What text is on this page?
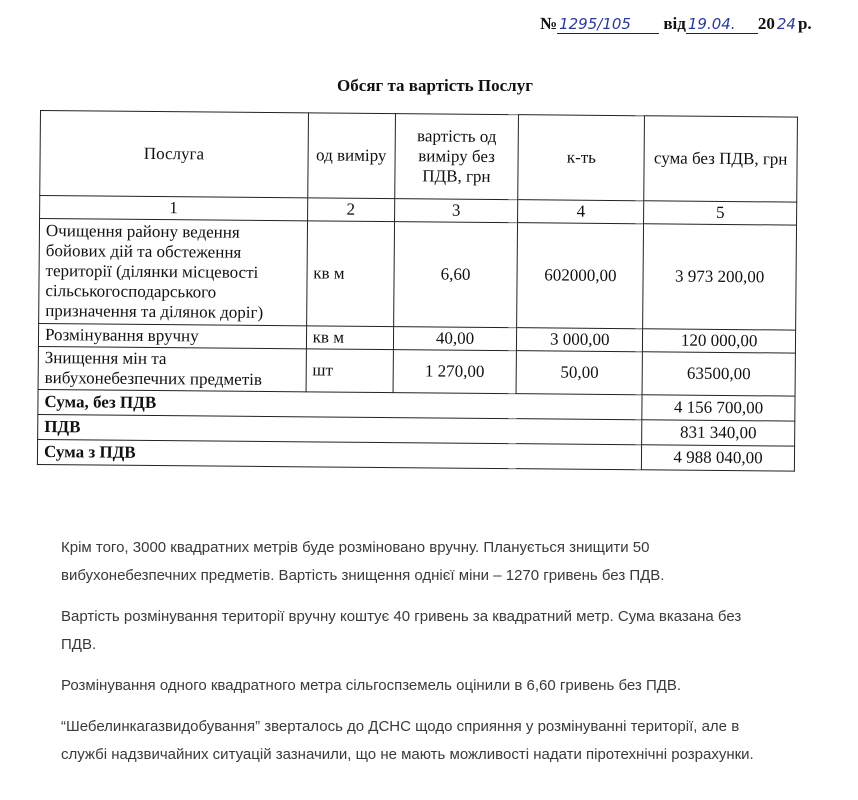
№ 1295/105 від 19.04. 20 24 р.
Обсяг та вартість Послуг
Послуга	од виміру	вартість од виміру без ПДВ, грн	к-ть	сума без ПДВ, грн
1	2	3	4	5
Очищення району ведення бойових дій та обстеження території (ділянки місцевості сільськогосподарського призначення та ділянок доріг)	кв м	6,60	602000,00	3 973 200,00
Розмінування вручну	кв м	40,00	3 000,00	120 000,00
Знищення мін та вибухонебезпечних предметів	шт	1 270,00	50,00	63500,00
Сума, без ПДВ				4 156 700,00
ПДВ				831 340,00
Сума з ПДВ				4 988 040,00

Крім того, 3000 квадратних метрів буде розміновано вручну. Планується знищити 50 вибухонебезпечних предметів. Вартість знищення однієї міни – 1270 гривень без ПДВ.

Вартість розмінування території вручну коштує 40 гривень за квадратний метр. Сума вказана без ПДВ.

Розмінування одного квадратного метра сільгоспземель оцінили в 6,60 гривень без ПДВ.

“Шебелинкагазвидобування” зверталось до ДСНС щодо сприяння у розмінуванні території, але в службі надзвичайних ситуацій зазначили, що не мають можливості надати піротехнічні розрахунки.
